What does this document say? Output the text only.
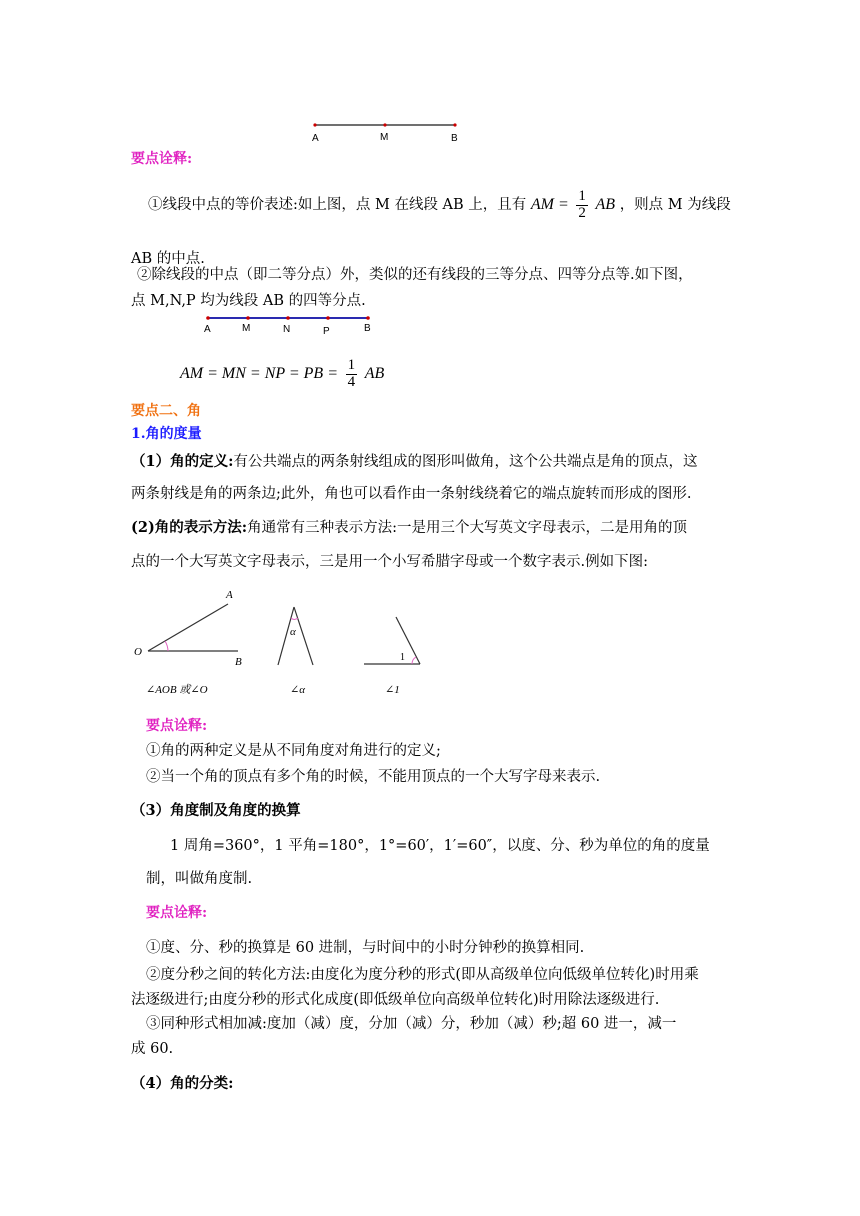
A	M	B
要点诠释:
①线段中点的等价表述:如上图，点 M 在线段 AB 上，且有 AM = $\frac{1}{2}$ AB ，则点 M 为线段
AB 的中点.
②除线段的中点（即二等分点）外，类似的还有线段的三等分点、四等分点等.如下图，
点 M,N,P 均为线段 AB 的四等分点.
A	M	N	P	B
AM = MN = NP = PB = $\frac{1}{4}$ AB
要点二、角
1.角的度量
（1）角的定义:有公共端点的两条射线组成的图形叫做角，这个公共端点是角的顶点，这
两条射线是角的两条边;此外，角也可以看作由一条射线绕着它的端点旋转而形成的图形.
(2)角的表示方法:角通常有三种表示方法:一是用三个大写英文字母表示，二是用角的顶
点的一个大写英文字母表示，三是用一个小写希腊字母或一个数字表示.例如下图:
A
O
B
∠AOB 或∠O
α
∠α
1
∠1
要点诠释:
①角的两种定义是从不同角度对角进行的定义;
②当一个角的顶点有多个角的时候，不能用顶点的一个大写字母来表示.
（3）角度制及角度的换算
1 周角=360°，1 平角=180°，1°=60′，1′=60″，以度、分、秒为单位的角的度量
制，叫做角度制.
要点诠释:
①度、分、秒的换算是 60 进制，与时间中的小时分钟秒的换算相同.
②度分秒之间的转化方法:由度化为度分秒的形式(即从高级单位向低级单位转化)时用乘
法逐级进行;由度分秒的形式化成度(即低级单位向高级单位转化)时用除法逐级进行.
③同种形式相加减:度加（减）度，分加（减）分，秒加（减）秒;超 60 进一，减一
成 60.
（4）角的分类:
